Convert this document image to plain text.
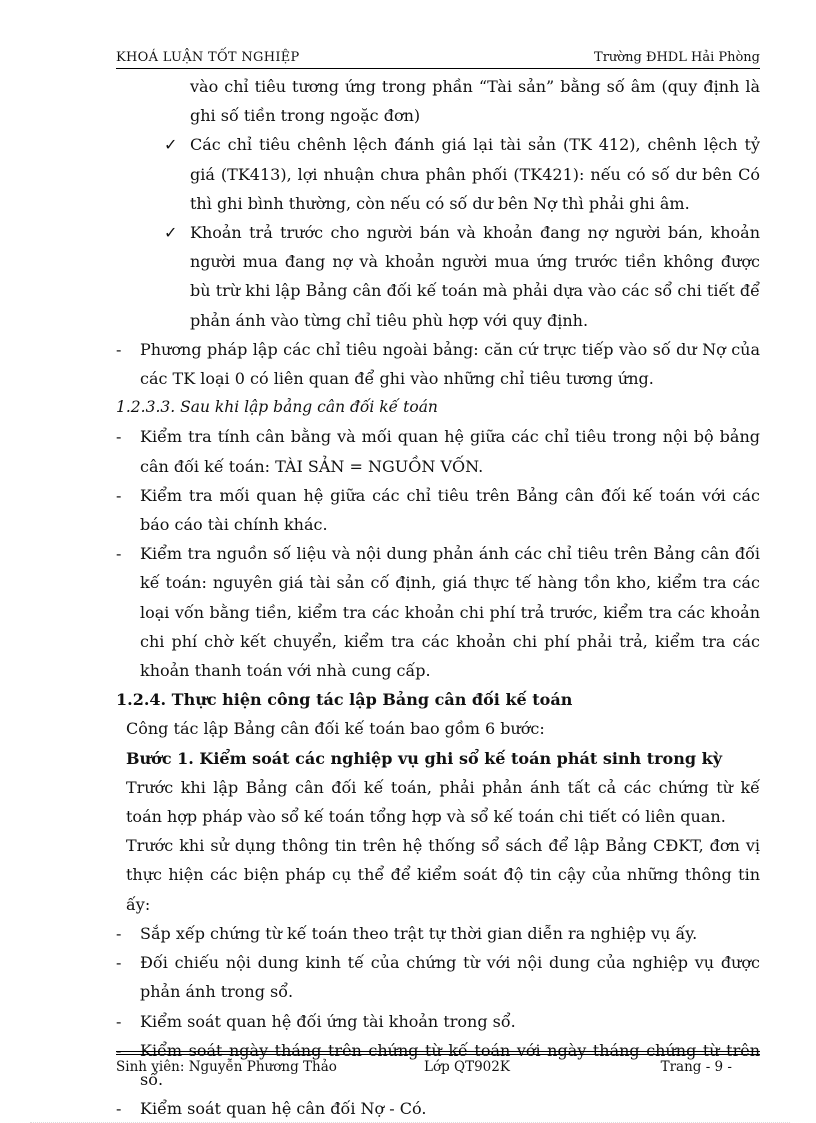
KHOÁ LUẬN TỐT NGHIỆP	Trường ĐHDL Hải Phòng

vào chỉ tiêu tương ứng trong phần “Tài sản” bằng số âm (quy định là ghi số tiền trong ngoặc đơn)

✓ Các chỉ tiêu chênh lệch đánh giá lại tài sản (TK 412), chênh lệch tỷ giá (TK413), lợi nhuận chưa phân phối (TK421): nếu có số dư bên Có thì ghi bình thường, còn nếu có số dư bên Nợ thì phải ghi âm.
✓ Khoản trả trước cho người bán và khoản đang nợ người bán, khoản người mua đang nợ và khoản người mua ứng trước tiền không được bù trừ khi lập Bảng cân đối kế toán mà phải dựa vào các sổ chi tiết để phản ánh vào từng chỉ tiêu phù hợp với quy định.
- Phương pháp lập các chỉ tiêu ngoài bảng: căn cứ trực tiếp vào số dư Nợ của các TK loại 0 có liên quan để ghi vào những chỉ tiêu tương ứng.

1.2.3.3. Sau khi lập bảng cân đối kế toán

- Kiểm tra tính cân bằng và mối quan hệ giữa các chỉ tiêu trong nội bộ bảng cân đối kế toán: TÀI SẢN = NGUỒN VỐN.
- Kiểm tra mối quan hệ giữa các chỉ tiêu trên Bảng cân đối kế toán với các báo cáo tài chính khác.
- Kiểm tra nguồn số liệu và nội dung phản ánh các chỉ tiêu trên Bảng cân đối kế toán: nguyên giá tài sản cố định, giá thực tế hàng tồn kho, kiểm tra các loại vốn bằng tiền, kiểm tra các khoản chi phí trả trước, kiểm tra các khoản chi phí chờ kết chuyển, kiểm tra các khoản chi phí phải trả, kiểm tra các khoản thanh toán với nhà cung cấp.

1.2.4. Thực hiện công tác lập Bảng cân đối kế toán

Công tác lập Bảng cân đối kế toán bao gồm 6 bước:

Bước 1. Kiểm soát các nghiệp vụ ghi sổ kế toán phát sinh trong kỳ

Trước khi lập Bảng cân đối kế toán, phải phản ánh tất cả các chứng từ kế toán hợp pháp vào sổ kế toán tổng hợp và sổ kế toán chi tiết có liên quan.

Trước khi sử dụng thông tin trên hệ thống sổ sách để lập Bảng CĐKT, đơn vị thực hiện các biện pháp cụ thể để kiểm soát độ tin cậy của những thông tin ấy:

- Sắp xếp chứng từ kế toán theo trật tự thời gian diễn ra nghiệp vụ ấy.
- Đối chiếu nội dung kinh tế của chứng từ với nội dung của nghiệp vụ được phản ánh trong sổ.
- Kiểm soát quan hệ đối ứng tài khoản trong sổ.
- Kiểm soát ngày tháng trên chứng từ kế toán với ngày tháng chứng từ trên sổ.
- Kiểm soát quan hệ cân đối Nợ - Có.
Sinh viên: Nguyễn Phương Thảo	Lớp QT902K	Trang - 9 -
